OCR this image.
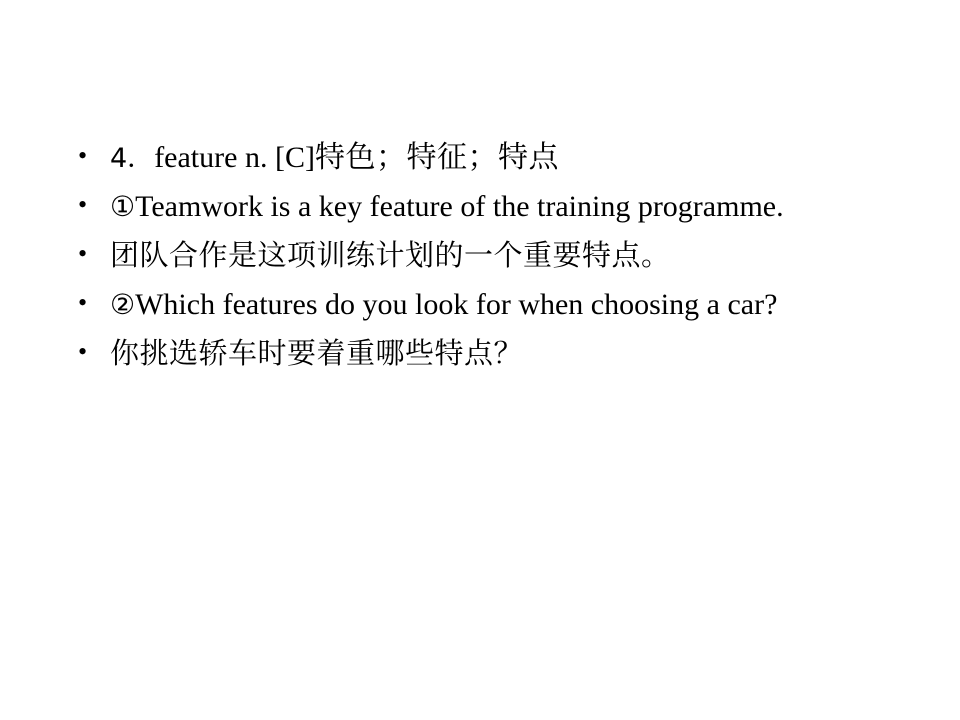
• 4．feature n. [C]特色；特征；特点
• ①Teamwork is a key feature of the training programme.
• 团队合作是这项训练计划的一个重要特点。
• ②Which features do you look for when choosing a car?
• 你挑选轿车时要着重哪些特点？
